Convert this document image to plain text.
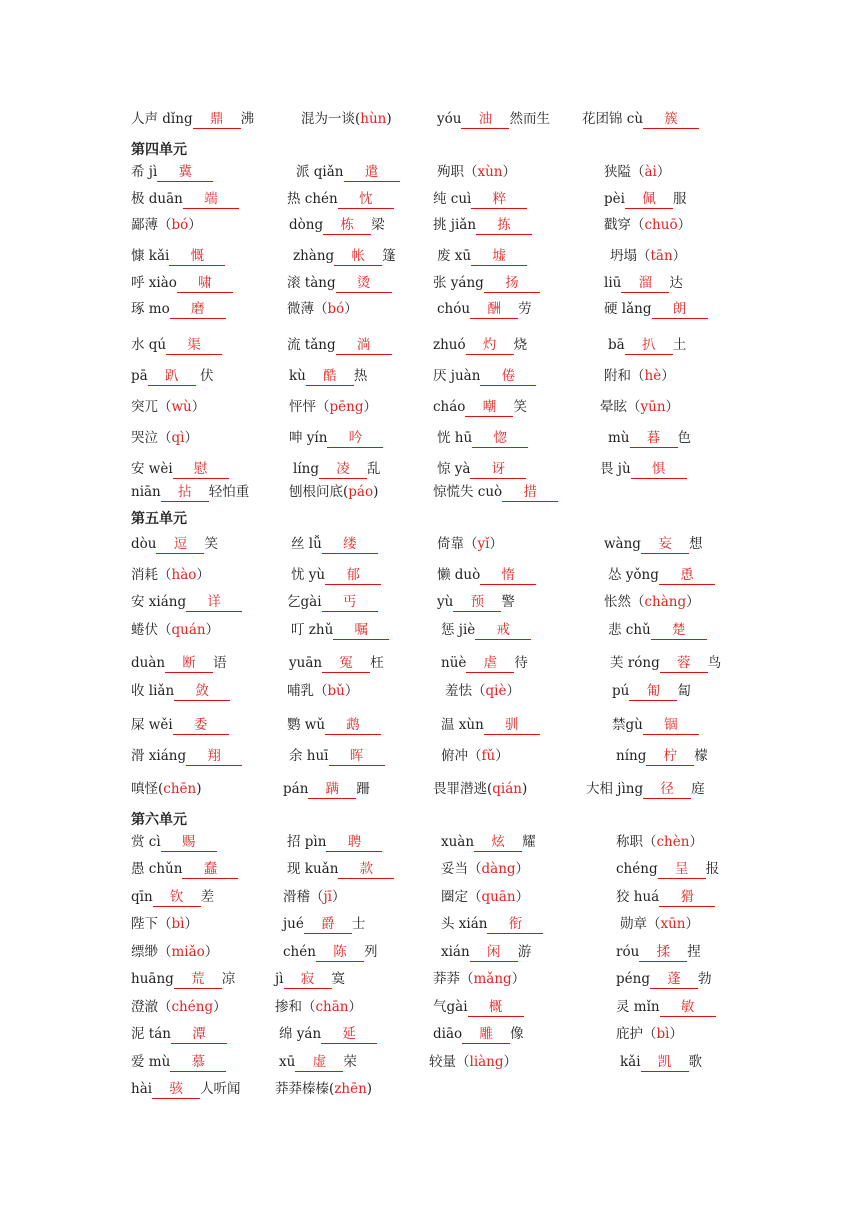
人声 dǐng 鼎 沸	混为一谈(hùn)	yóu 油 然而生 花团锦 cù 簇
第四单元
希 jì 冀	派 qiǎn 遣	殉职（xùn）	狭隘（ài）
极 duān 端	热 chén 忱	纯 cuì 粹	pèi 佩 服
鄙薄（bó）	dòng 栋 梁	挑 jiǎn 拣	戳穿（chuō）
慷 kǎi 慨	zhàng 帐 篷	废 xū 墟	坍塌（tān）
呼 xiào 啸	滚 tàng 烫	张 yáng 扬	liū 溜 达
琢 mo 磨	微薄（bó）	chóu 酬 劳	硬 lǎng 朗
水 qú 渠	流 tǎng 淌	zhuó 灼 烧	bā 扒 土
pā 趴 伏	kù 酷 热	厌 juàn 倦	附和（hè）
突兀（wù）	怦怦（pēng）	cháo 嘲 笑	晕眩（yūn）
哭泣（qì）	呻 yín 吟	恍 hū 惚	mù 暮 色
安 wèi 慰	líng 凌 乱	惊 yà 讶	畏 jù 惧
niān 拈 轻怕重	刨根问底(páo)	惊慌失 cuò 措
第五单元
dòu 逗 笑	丝 lǚ 缕	倚靠（yǐ）	wàng 妄 想
消耗（hào）	忧 yù 郁	懒 duò 惰	怂 yǒng 恿
安 xiáng 详	乞gài 丐	yù 预 警	怅然（chàng）
蜷伏（quán）	叮 zhǔ 嘱	惩 jiè 戒	悲 chǔ 楚
duàn 断 语	yuān 冤 枉	nüè 虐 待	芙 róng 蓉 鸟
收 liǎn 敛	哺乳（bǔ）	羞怯（qiè）	pú 匍 匐
屎 wěi 委	鹦 wǔ 鹉	温 xùn 驯	禁gù 锢
滑 xiáng 翔	余 huī 晖	俯冲（fǔ）	níng 柠 檬
嗔怪(chēn)	pán 蹒 跚	畏罪潜逃(qián)	大相 jìng 径 庭
第六单元
赏 cì 赐	招 pìn 聘	xuàn 炫 耀	称职（chèn）
愚 chǔn 蠢	现 kuǎn 款	妥当（dàng）	chéng 呈 报
qīn 钦 差	滑稽（jī）	圈定（quān）	狡 huá 猾
陛下（bì）	jué 爵 士	头 xián 衔	勋章（xūn）
缥缈（miǎo）	chén 陈 列	xián 闲 游	róu 揉 捏
huāng 荒 凉	jì 寂 寞	莽莽（mǎng）	péng 蓬 勃
澄澈（chéng）	掺和（chān）	气gài 概	灵 mǐn 敏
泥 tán 潭	绵 yán 延	diāo 雕 像	庇护（bì）
爱 mù 慕	xū 虚 荣	较量（liàng）	kǎi 凯 歌
hài 骇 人听闻	莽莽榛榛(zhēn)
